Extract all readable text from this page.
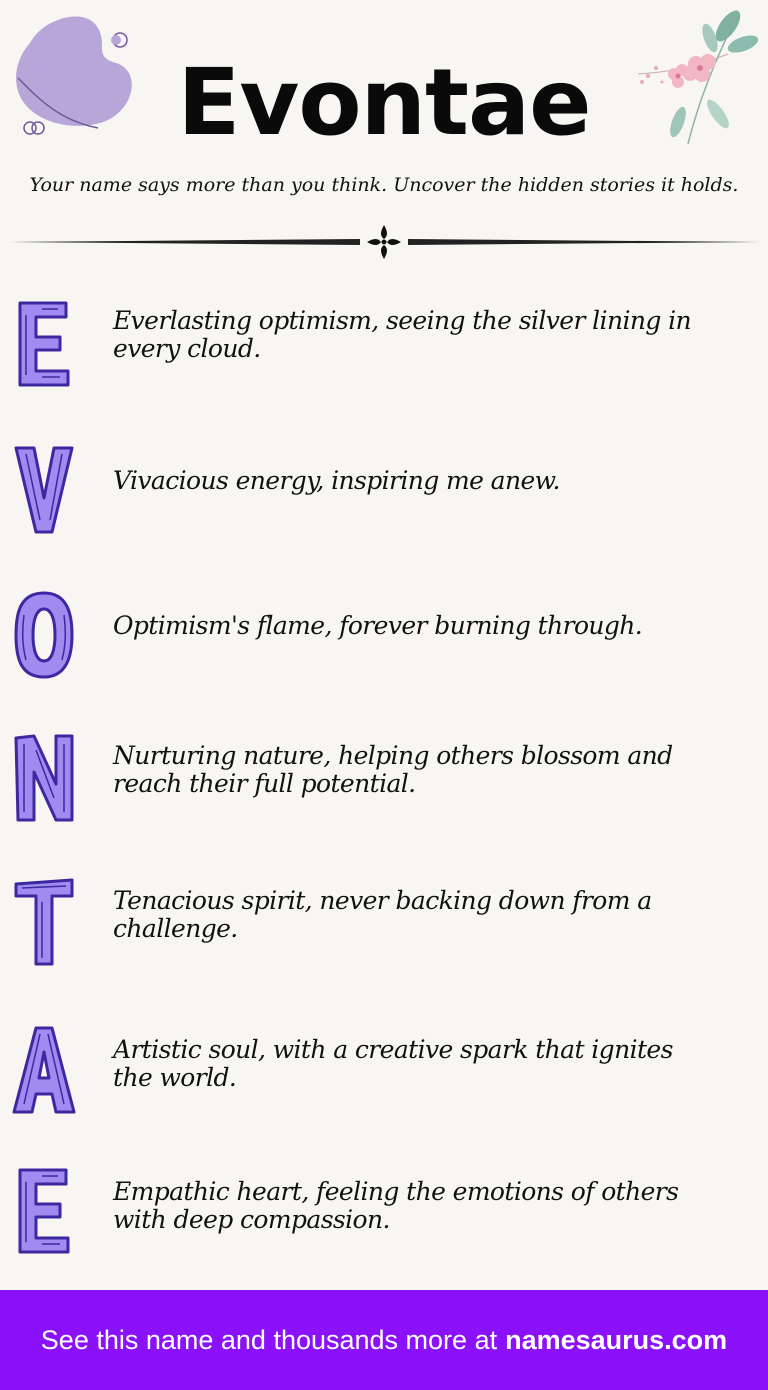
Evontae
Your name says more than you think. Uncover the hidden stories it holds.
Everlasting optimism, seeing the silver lining in every cloud.
Vivacious energy, inspiring me anew.
Optimism's flame, forever burning through.
Nurturing nature, helping others blossom and reach their full potential.
Tenacious spirit, never backing down from a challenge.
Artistic soul, with a creative spark that ignites the world.
Empathic heart, feeling the emotions of others with deep compassion.
See this name and thousands more at namesaurus.com
